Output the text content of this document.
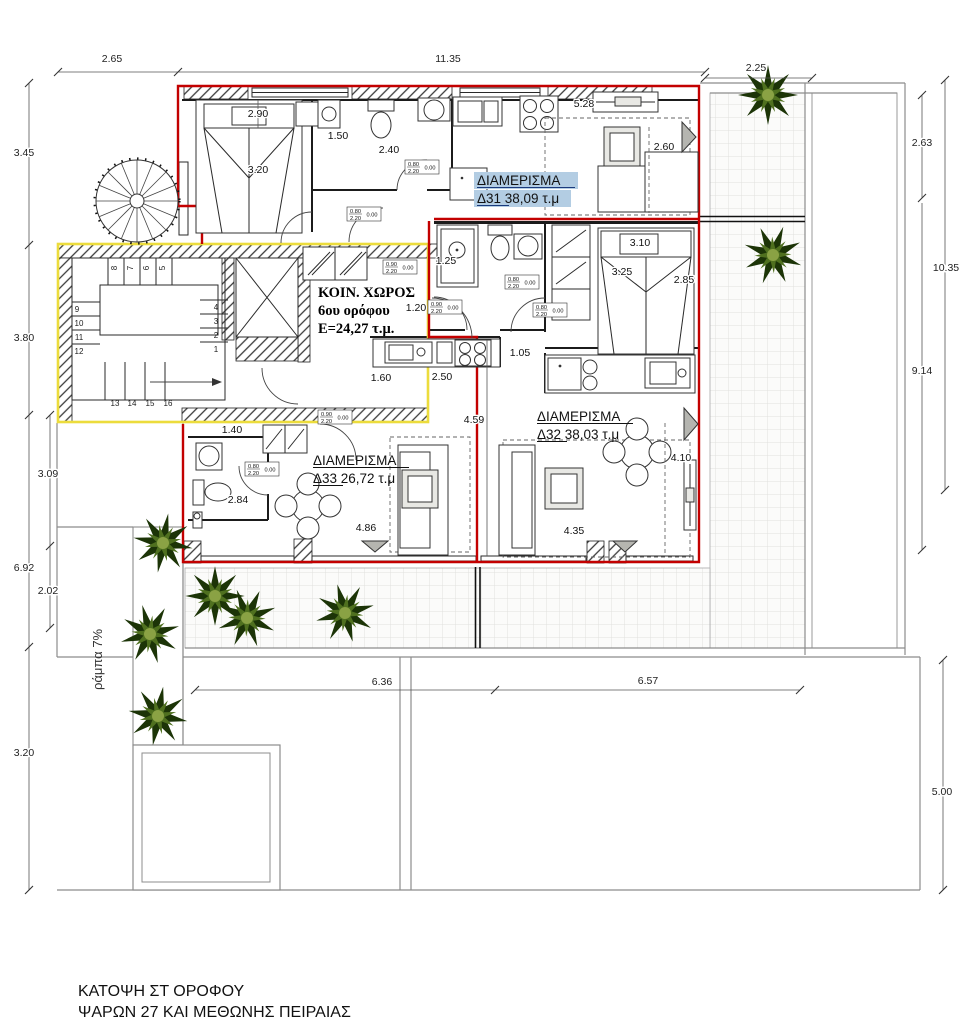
8 7 6 5
4
3
2
1
9
10
11
12
13 14 15 16
2.65	11.35
2.25
3.45
3.80
6.92
3.20
3.09
2.02
2.63
9.14
10.35
5.00
6.36	6.57
2.90
3.20
1.50
2.40
5.28
2.60
1.25
3.10
3.25
2.85
1.05
4.10
4.35
4.59
1.40
2.84
1.60	2.50
4.86
1.20
0.80
2.20
0.00
0.80
2.20
0.00
0.80
2.20
0.00
0.90
2.20
0.00	0.80
2.20
0.00
0.90
2.20
0.00
0.90
2.20
0.00
0.80
2.20
0.00
ΔΙΑΜΕΡΙΣΜΑ
Δ31 38,09 τ.μ
ΔΙΑΜΕΡΙΣΜΑ
Δ32 38,03 τ.μ
ΔΙΑΜΕΡΙΣΜΑ
Δ33 26,72 τ.μ
ΚΟΙΝ. ΧΩΡΟΣ
6ου ορόφου
Ε=24,27 τ.μ.
ράμπα 7%
ΚΑΤΟΨΗ ΣΤ ΟΡΟΦΟΥ
ΨΑΡΩΝ 27 ΚΑΙ ΜΕΘΩΝΗΣ ΠΕΙΡΑΙΑΣ
